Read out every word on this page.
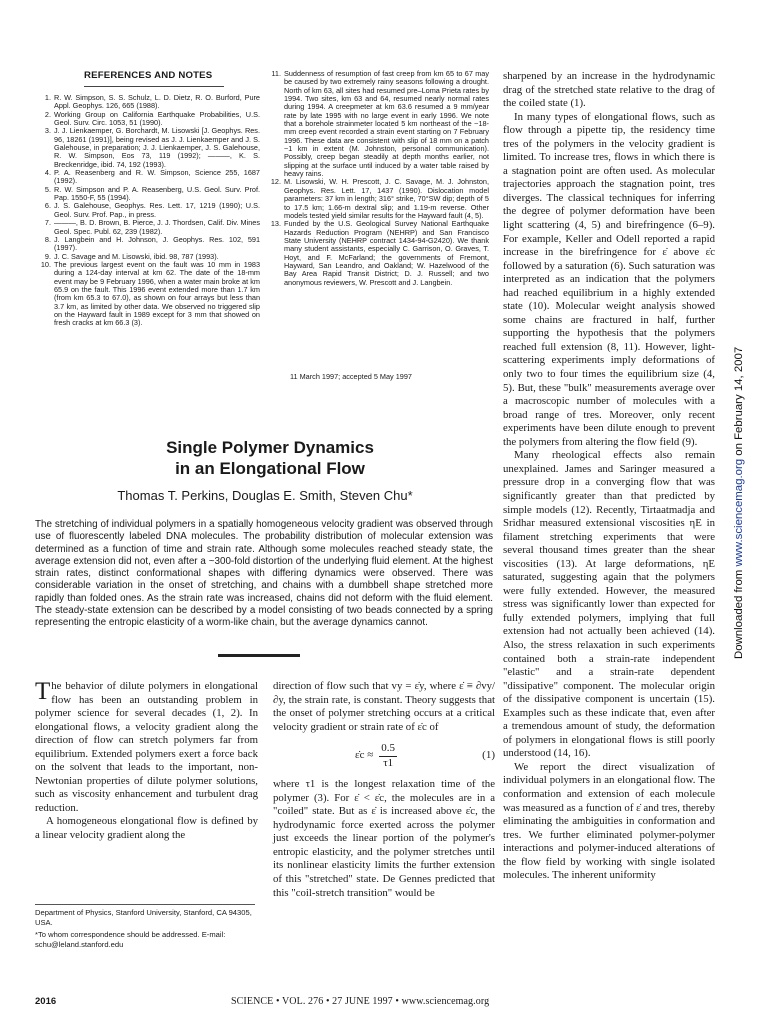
REFERENCES AND NOTES
1. R. W. Simpson, S. S. Schulz, L. D. Dietz, R. O. Burford, Pure Appl. Geophys. 126, 665 (1988).
2. Working Group on California Earthquake Probabilities, U.S. Geol. Surv. Circ. 1053, 51 (1990).
3. J. J. Lienkaemper, G. Borchardt, M. Lisowski [J. Geophys. Res. 96, 18261 (1991)], being revised as J. J. Lienkaemper and J. S. Galehouse, in preparation; J. J. Lienkaemper, J. S. Galehouse, R. W. Simpson, Eos 73, 119 (1992); ———, K. S. Breckenridge, ibid. 74, 192 (1993).
4. P. A. Reasenberg and R. W. Simpson, Science 255, 1687 (1992).
5. R. W. Simpson and P. A. Reasenberg, U.S. Geol. Surv. Prof. Pap. 1550-F, 55 (1994).
6. J. S. Galehouse, Geophys. Res. Lett. 17, 1219 (1990); U.S. Geol. Surv. Prof. Pap., in press.
7. ———, B. D. Brown, B. Pierce, J. J. Thordsen, Calif. Div. Mines Geol. Spec. Publ. 62, 239 (1982).
8. J. Langbein and H. Johnson, J. Geophys. Res. 102, 591 (1997).
9. J. C. Savage and M. Lisowski, ibid. 98, 787 (1993).
10. The previous largest event on the fault was 10 mm in 1983 during a 124-day interval at km 62. The date of the 18-mm event may be 9 February 1996, when a water main broke at km 65.9 on the fault. This 1996 event extended more than 1.7 km (from km 65.3 to 67.0), as shown on four arrays but less than 3.7 km, as limited by other data. We observed no triggered slip on the Hayward fault in 1989 except for 3 mm that showed on fresh cracks at km 66.3 (3).
11. Suddenness of resumption of fast creep from km 65 to 67 may be caused by two extremely rainy seasons following a drought. North of km 63, all sites had resumed pre–Loma Prieta rates by 1994. Two sites, km 63 and 64, resumed nearly normal rates during 1994. A creepmeter at km 63.6 resumed a 9 mm/year rate by late 1995 with no large event in early 1996. We note that a borehole strainmeter located 5 km northeast of the ~18-mm creep event recorded a strain event starting on 7 February 1996. These data are consistent with slip of 18 mm on a patch ~1 km in extent (M. Johnston, personal communication). Possibly, creep began steadily at depth months earlier, not slipping at the surface until induced by a water table raised by heavy rains.
12. M. Lisowski, W. H. Prescott, J. C. Savage, M. J. Johnston, Geophys. Res. Lett. 17, 1437 (1990). Dislocation model parameters: 37 km in length; 316° strike, 70°SW dip; depth of 5 to 17.5 km; 1.66-m dextral slip; and 1.19-m reverse. Other models tested yield similar results for the Hayward fault (4, 5).
13. Funded by the U.S. Geological Survey National Earthquake Hazards Reduction Program (NEHRP) and San Francisco State University (NEHRP contract 1434-94-G2420). We thank many student assistants, especially C. Garrison, O. Graves, T. Hoyt, and F. McFarland; the governments of Fremont, Hayward, San Leandro, and Oakland; W. Hazelwood of the Bay Area Rapid Transit District; D. J. Russell; and two anonymous reviewers, W. Prescott and J. Langbein.
11 March 1997; accepted 5 May 1997
Single Polymer Dynamics
in an Elongational Flow
Thomas T. Perkins, Douglas E. Smith, Steven Chu*
The stretching of individual polymers in a spatially homogeneous velocity gradient was observed through use of fluorescently labeled DNA molecules. The probability distribution of molecular extension was determined as a function of time and strain rate. Although some molecules reached steady state, the average extension did not, even after a ~300-fold distortion of the underlying fluid element. At the highest strain rates, distinct conformational shapes with differing dynamics were observed. There was considerable variation in the onset of stretching, and chains with a dumbbell shape stretched more rapidly than folded ones. As the strain rate was increased, chains did not deform with the fluid element. The steady-state extension can be described by a model consisting of two beads connected by a spring representing the entropic elasticity of a worm-like chain, but the average dynamics cannot.

The behavior of dilute polymers in elongational flow has been an outstanding problem in polymer science for several decades (1, 2). In elongational flows, a velocity gradient along the direction of flow can stretch polymers far from equilibrium. Extended polymers exert a force back on the solvent that leads to the important, non-Newtonian properties of dilute polymer solutions, such as viscosity enhancement and turbulent drag reduction.

A homogeneous elongational flow is defined by a linear velocity gradient along the

direction of flow such that vy = ε̇y, where ε̇ ≡ ∂vy/∂y, the strain rate, is constant. Theory suggests that the onset of polymer stretching occurs at a critical velocity gradient or strain rate of ε̇c of

ε̇c ≈ $\frac{0.5}{\tau 1}$	(1)

where τ1 is the longest relaxation time of the polymer (3). For ε̇ < ε̇c, the molecules are in a "coiled" state. But as ε̇ is increased above ε̇c, the hydrodynamic force exerted across the polymer just exceeds the linear portion of the polymer's entropic elasticity, and the polymer stretches until its nonlinear elasticity limits the further extension of this "stretched" state. De Gennes predicted that this "coil-stretch transition" would be

sharpened by an increase in the hydrodynamic drag of the stretched state relative to the drag of the coiled state (1).

In many types of elongational flows, such as flow through a pipette tip, the residency time tres of the polymers in the velocity gradient is limited. To increase tres, flows in which there is a stagnation point are often used. As molecular trajectories approach the stagnation point, tres diverges. The classical techniques for inferring the degree of polymer deformation have been light scattering (4, 5) and birefringence (6–9). For example, Keller and Odell reported a rapid increase in the birefringence for ε̇ above ε̇c followed by a saturation (6). Such saturation was interpreted as an indication that the polymers had reached equilibrium in a highly extended state (10). Molecular weight analysis showed some chains are fractured in half, further supporting the hypothesis that the polymers reached full extension (8, 11). However, light-scattering experiments imply deformations of only two to four times the equilibrium size (4, 5). But, these "bulk" measurements average over a macroscopic number of molecules with a broad range of tres. Moreover, only recent experiments have been dilute enough to prevent the polymers from altering the flow field (9).

Many rheological effects also remain unexplained. James and Saringer measured a pressure drop in a converging flow that was significantly greater than that predicted by simple models (12). Recently, Tirtaatmadja and Sridhar measured extensional viscosities ηE in filament stretching experiments that were several thousand times greater than the shear viscosities (13). At large deformations, ηE saturated, suggesting again that the polymers were fully extended. However, the measured stress was significantly lower than expected for fully extended polymers, implying that full extension had not actually been achieved (14). Also, the stress relaxation in such experiments contained both a strain-rate independent "elastic" and a strain-rate dependent "dissipative" component. The molecular origin of the dissipative component is uncertain (15). Examples such as these indicate that, even after a tremendous amount of study, the deformation of polymers in elongational flows is still poorly understood (14, 16).

We report the direct visualization of individual polymers in an elongational flow. The conformation and extension of each molecule was measured as a function of ε̇ and tres, thereby eliminating the ambiguities in conformation and tres. We further eliminated polymer-polymer interactions and polymer-induced alterations of the flow field by working with single isolated molecules. The inherent uniformity

Department of Physics, Stanford University, Stanford, CA 94305, USA.

*To whom correspondence should be addressed. E-mail: schu@leland.stanford.edu

2016	SCIENCE • VOL. 276 • 27 JUNE 1997 • www.sciencemag.org
Downloaded from www.sciencemag.org on February 14, 2007
